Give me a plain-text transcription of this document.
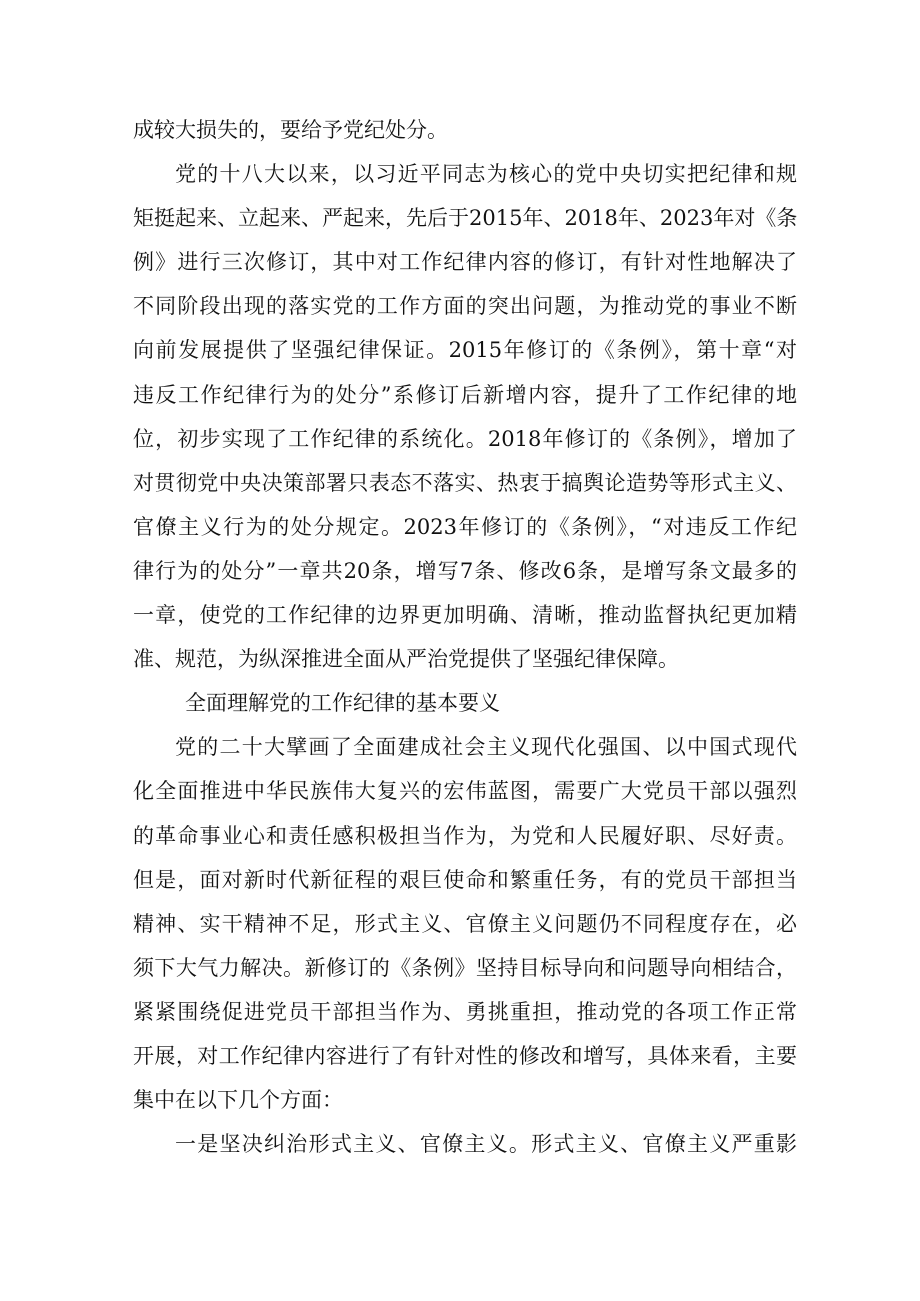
成较大损失的，要给予党纪处分。
党的十八大以来，以习近平同志为核心的党中央切实把纪律和规
矩挺起来、立起来、严起来，先后于2015年、2018年、2023年对《条
例》进行三次修订，其中对工作纪律内容的修订，有针对性地解决了
不同阶段出现的落实党的工作方面的突出问题，为推动党的事业不断
向前发展提供了坚强纪律保证。2015年修订的《条例》，第十章“对
违反工作纪律行为的处分”系修订后新增内容，提升了工作纪律的地
位，初步实现了工作纪律的系统化。2018年修订的《条例》，增加了
对贯彻党中央决策部署只表态不落实、热衷于搞舆论造势等形式主义、
官僚主义行为的处分规定。2023年修订的《条例》，“对违反工作纪
律行为的处分”一章共20条，增写7条、修改6条，是增写条文最多的
一章，使党的工作纪律的边界更加明确、清晰，推动监督执纪更加精
准、规范，为纵深推进全面从严治党提供了坚强纪律保障。
全面理解党的工作纪律的基本要义
党的二十大擘画了全面建成社会主义现代化强国、以中国式现代
化全面推进中华民族伟大复兴的宏伟蓝图，需要广大党员干部以强烈
的革命事业心和责任感积极担当作为，为党和人民履好职、尽好责。
但是，面对新时代新征程的艰巨使命和繁重任务，有的党员干部担当
精神、实干精神不足，形式主义、官僚主义问题仍不同程度存在，必
须下大气力解决。新修订的《条例》坚持目标导向和问题导向相结合，
紧紧围绕促进党员干部担当作为、勇挑重担，推动党的各项工作正常
开展，对工作纪律内容进行了有针对性的修改和增写，具体来看，主要
集中在以下几个方面：
一是坚决纠治形式主义、官僚主义。形式主义、官僚主义严重影
